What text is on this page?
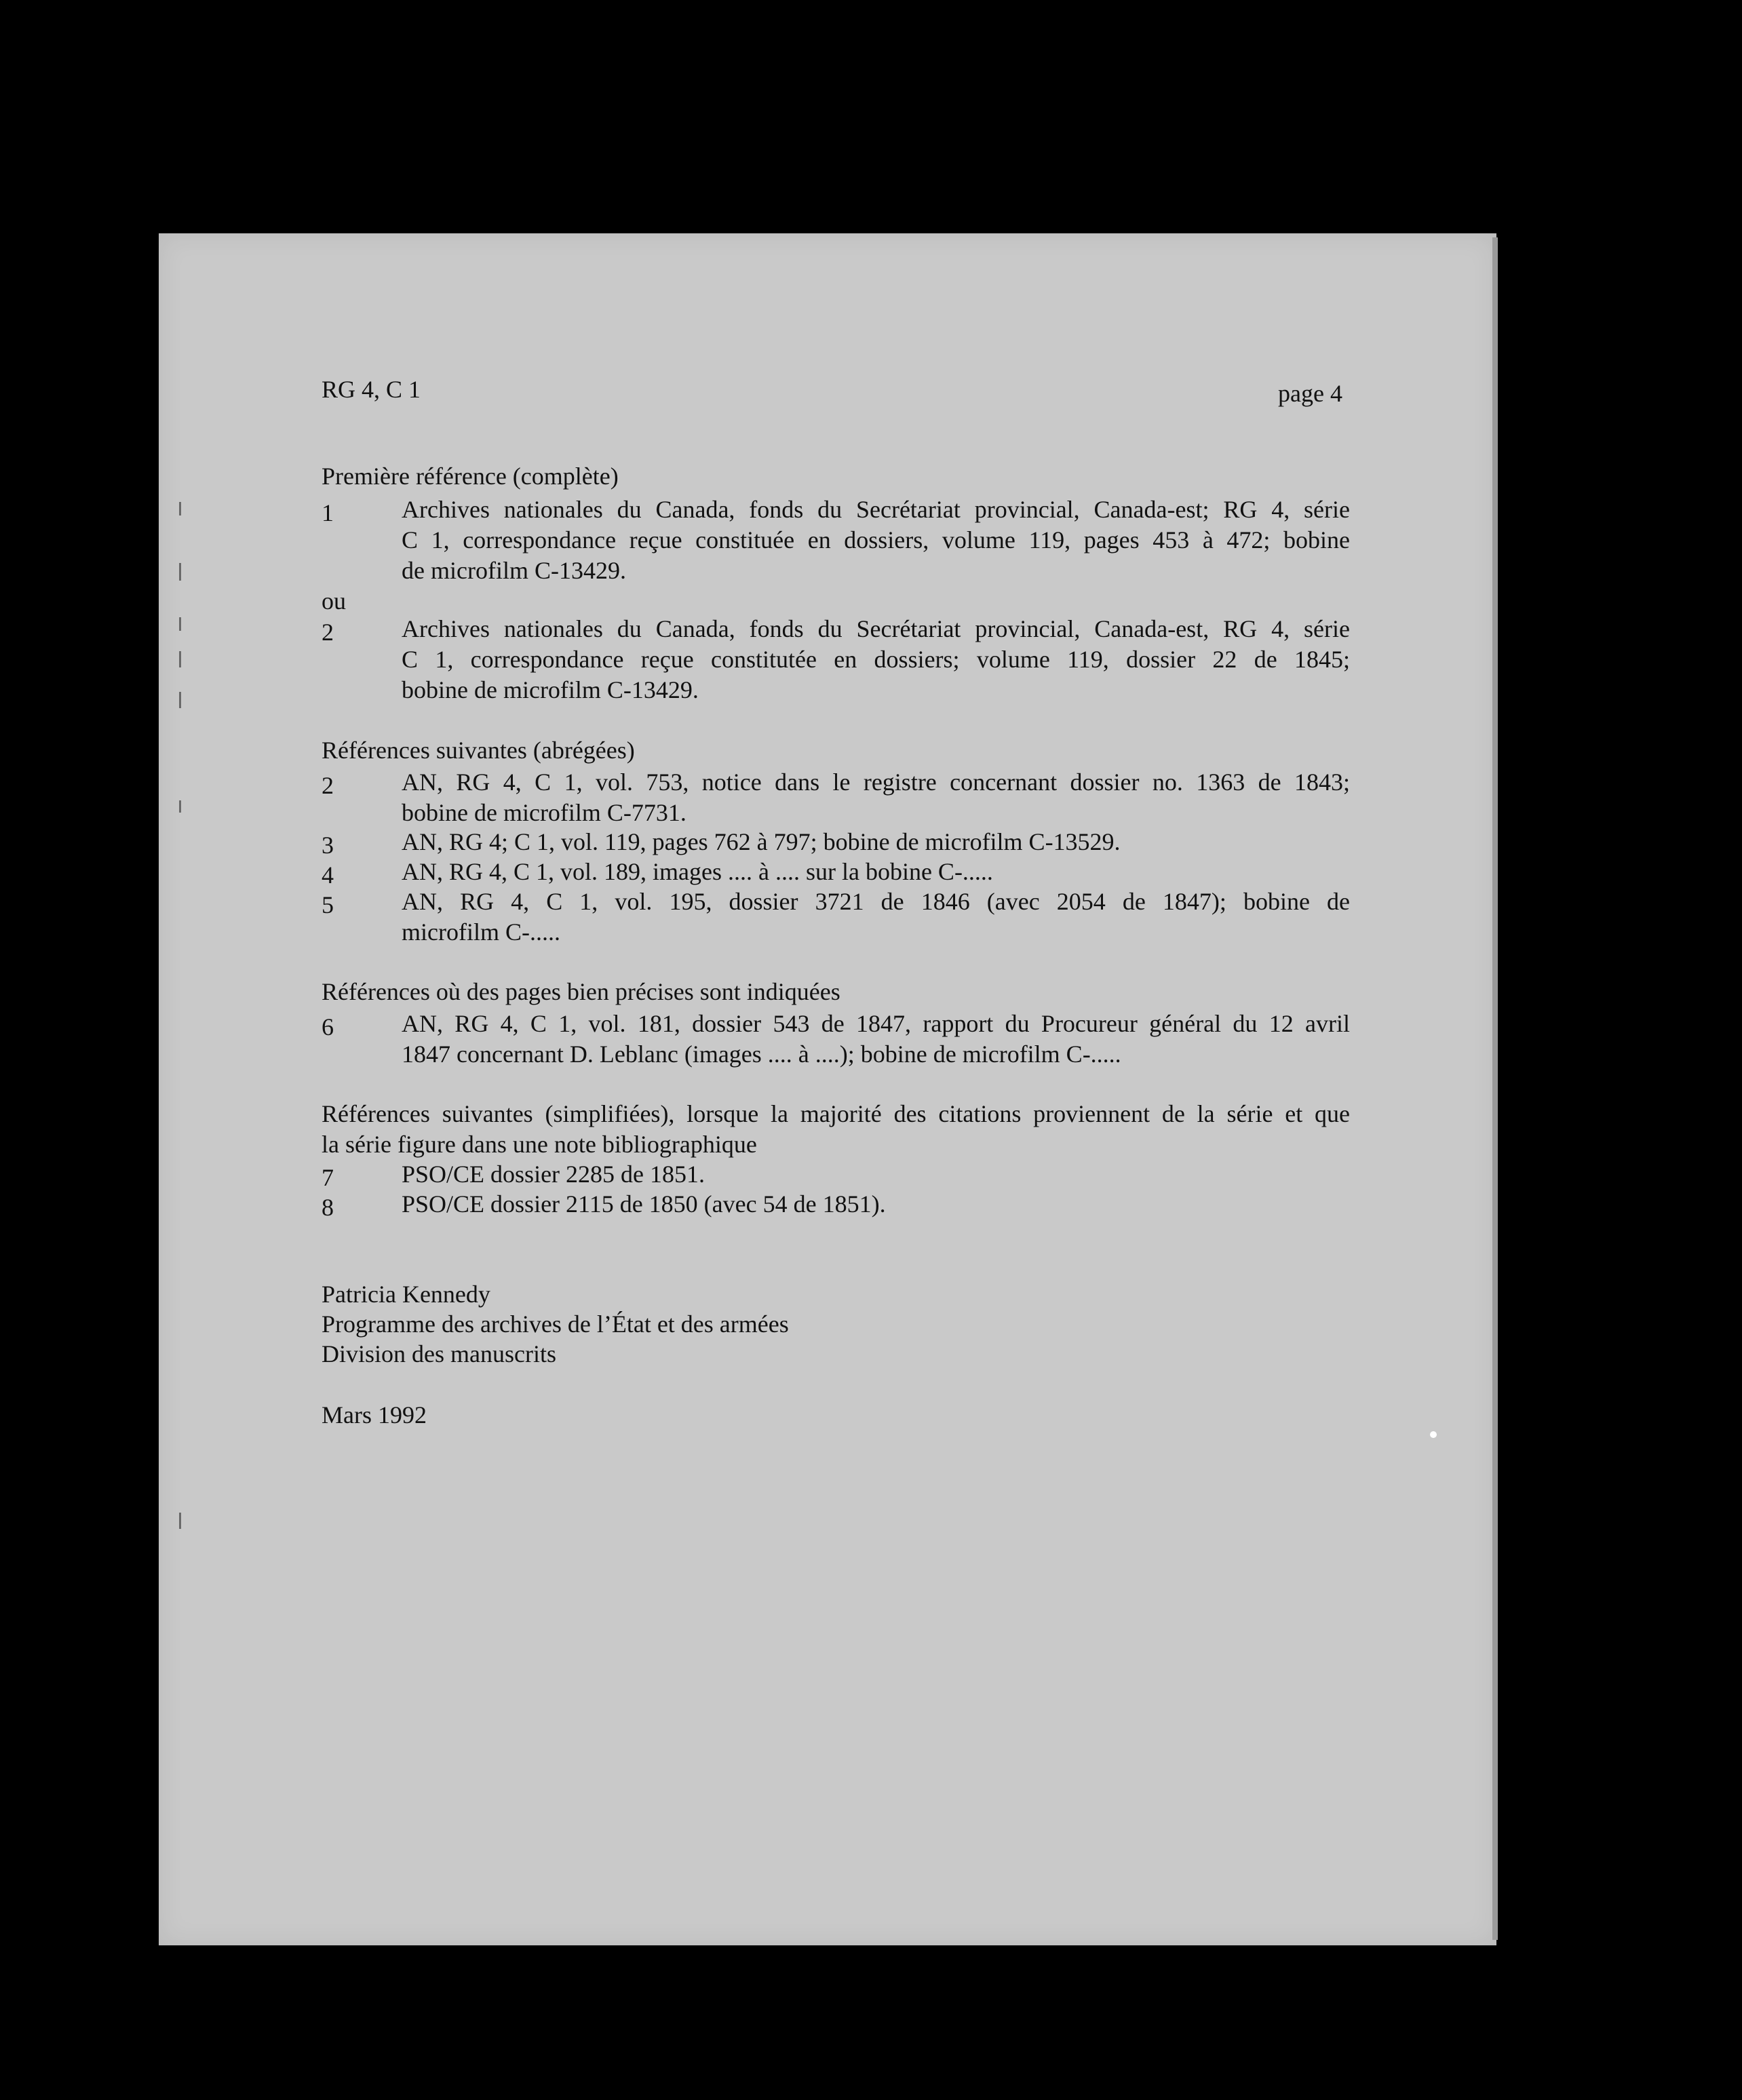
RG 4, C 1	page 4
Première référence (complète)
1	Archives nationales du Canada, fonds du Secrétariat provincial, Canada-est; RG 4, série
C 1, correspondance reçue constituée en dossiers, volume 119, pages 453 à 472; bobine
de microfilm C-13429.
ou
2	Archives nationales du Canada, fonds du Secrétariat provincial, Canada-est, RG 4, série
C 1, correspondance reçue constitutée en dossiers; volume 119, dossier 22 de 1845;
bobine de microfilm C-13429.
Références suivantes (abrégées)
2	AN, RG 4, C 1, vol. 753, notice dans le registre concernant dossier no. 1363 de 1843;
bobine de microfilm C-7731.
3	AN, RG 4; C 1, vol. 119, pages 762 à 797; bobine de microfilm C-13529.
4	AN, RG 4, C 1, vol. 189, images .... à .... sur la bobine C-.....
5	AN, RG 4, C 1, vol. 195, dossier 3721 de 1846 (avec 2054 de 1847); bobine de
microfilm C-.....
Références où des pages bien précises sont indiquées
6	AN, RG 4, C 1, vol. 181, dossier 543 de 1847, rapport du Procureur général du 12 avril
1847 concernant D. Leblanc (images .... à ....); bobine de microfilm C-.....
Références suivantes (simplifiées), lorsque la majorité des citations proviennent de la série et que
la série figure dans une note bibliographique
7	PSO/CE dossier 2285 de 1851.
8	PSO/CE dossier 2115 de 1850 (avec 54 de 1851).
Patricia Kennedy
Programme des archives de l’État et des armées
Division des manuscrits
Mars 1992
